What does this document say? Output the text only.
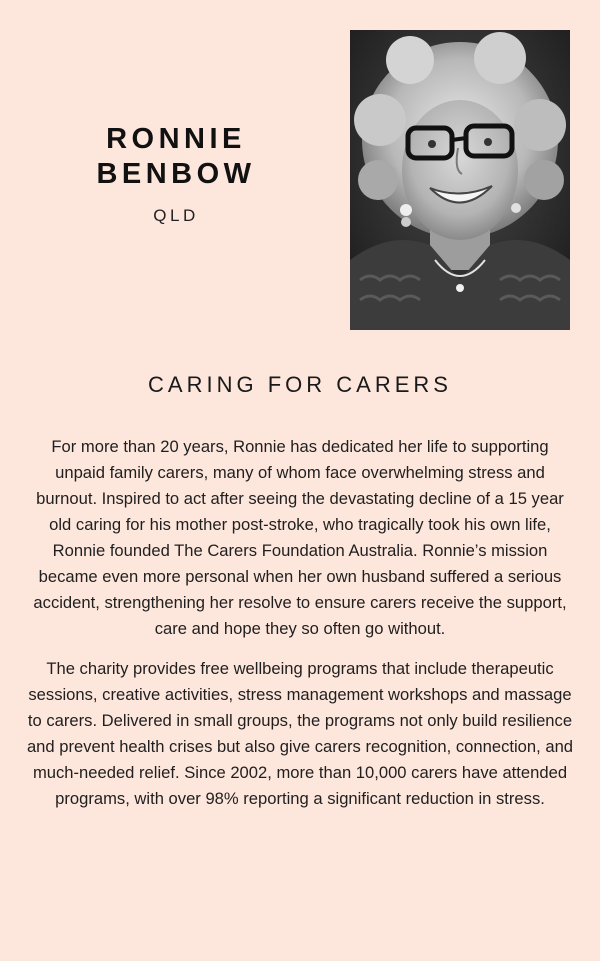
RONNIE
BENBOW
QLD
CARING FOR CARERS

For more than 20 years, Ronnie has dedicated her life to supporting unpaid family carers, many of whom face overwhelming stress and burnout. Inspired to act after seeing the devastating decline of a 15 year old caring for his mother post-stroke, who tragically took his own life, Ronnie founded The Carers Foundation Australia. Ronnie’s mission became even more personal when her own husband suffered a serious accident, strengthening her resolve to ensure carers receive the support, care and hope they so often go without.

The charity provides free wellbeing programs that include therapeutic sessions, creative activities, stress management workshops and massage to carers. Delivered in small groups, the programs not only build resilience and prevent health crises but also give carers recognition, connection, and much-needed relief. Since 2002, more than 10,000 carers have attended programs, with over 98% reporting a significant reduction in stress.
